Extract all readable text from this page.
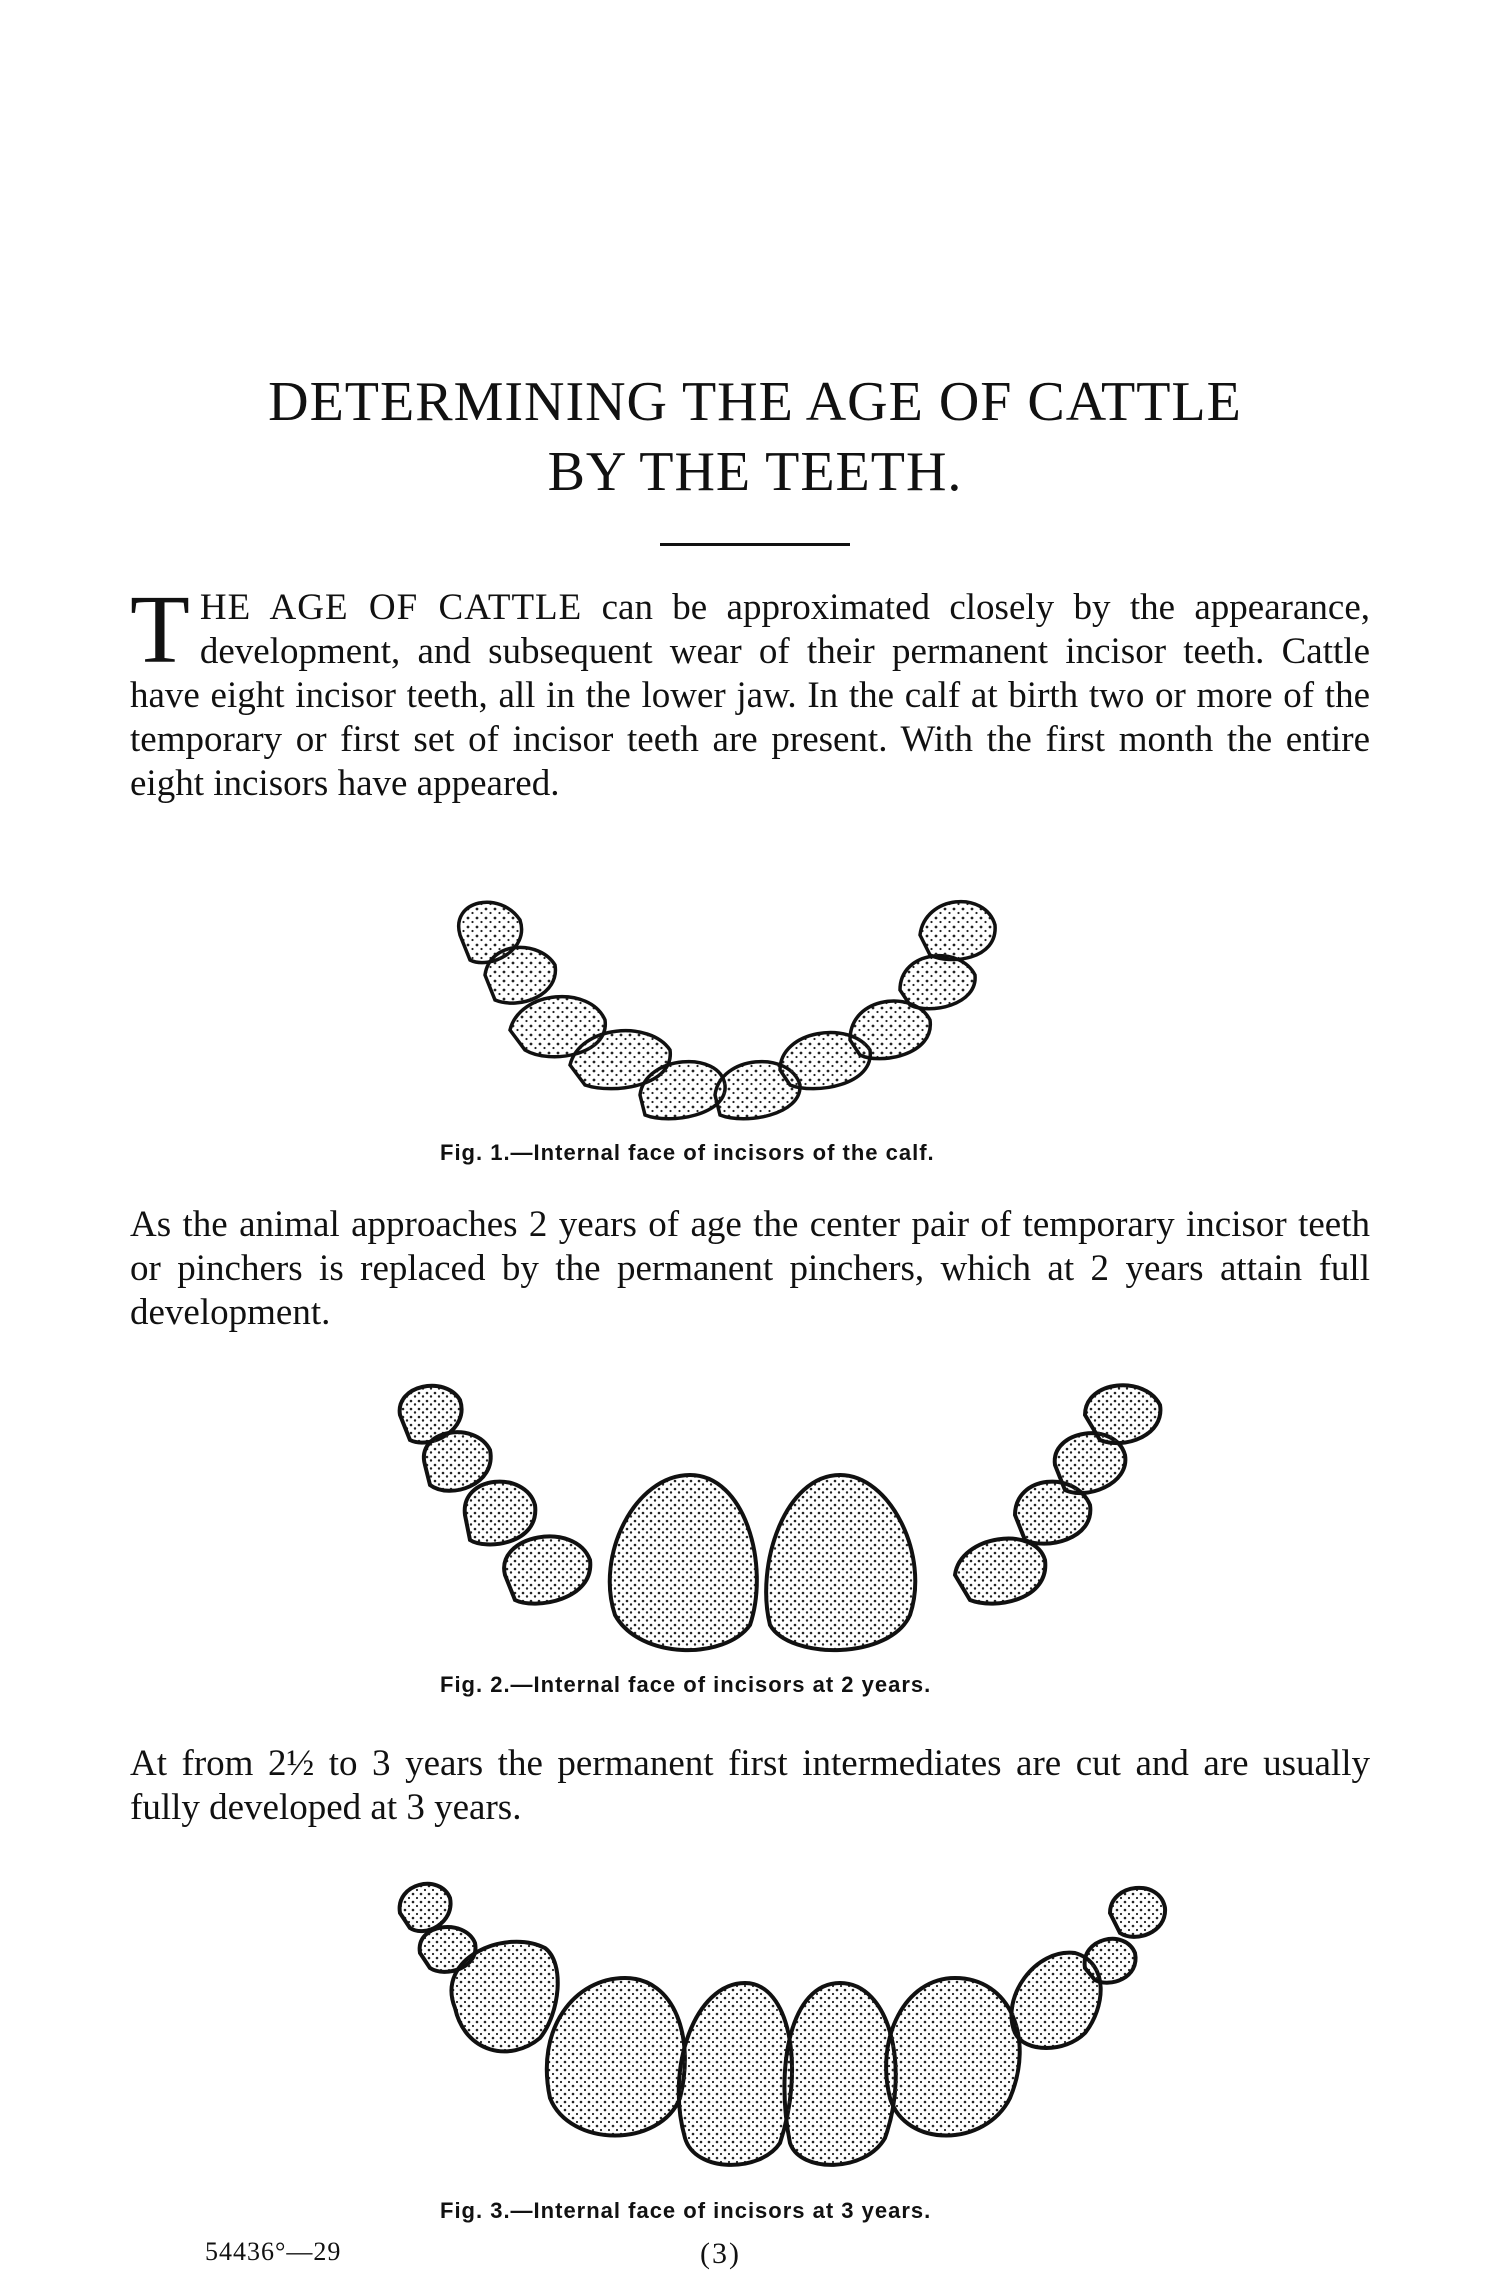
DETERMINING THE AGE OF CATTLE
BY THE TEETH.

THE AGE OF CATTLE can be approximated closely by the appearance, development, and subsequent wear of their permanent incisor teeth. Cattle have eight incisor teeth, all in the lower jaw. In the calf at birth two or more of the temporary or first set of incisor teeth are present. With the first month the entire eight incisors have appeared.

Fig. 1.—Internal face of incisors of the calf.

As the animal approaches 2 years of age the center pair of temporary incisor teeth or pinchers is replaced by the permanent pinchers, which at 2 years attain full development.

Fig. 2.—Internal face of incisors at 2 years.

At from 2½ to 3 years the permanent first intermediates are cut and are usually fully developed at 3 years.

Fig. 3.—Internal face of incisors at 3 years.

54436°—29	(3)
